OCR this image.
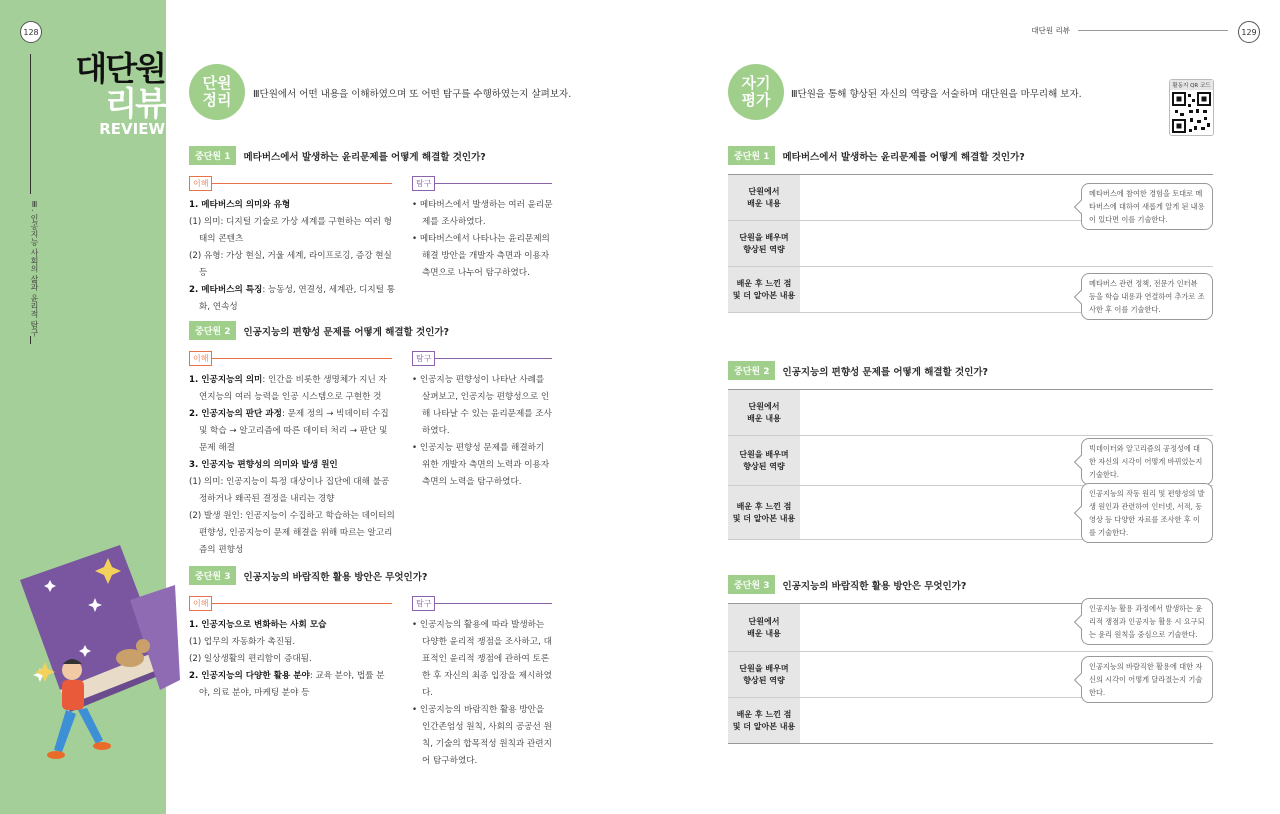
128
Ⅲ. 인공지능 사회의 삶과 윤리적 탐구
대단원
리뷰
REVIEW
대단원 리뷰	129
단원
정리	Ⅲ단원에서 어떤 내용을 이해하였으며 또 어떤 탐구를 수행하였는지 살펴보자.
중단원 1	메타버스에서 발생하는 윤리문제를 어떻게 해결할 것인가?
이해	탐구
1. 메타버스의 의미와 유형
(1) 의미: 디지털 기술로 가상 세계를 구현하는 여러 형태의 콘텐츠
(2) 유형: 가상 현실, 거울 세계, 라이프로깅, 증강 현실 등
2. 메타버스의 특징: 능동성, 연결성, 세계관, 디지털 통화, 연속성
• 메타버스에서 발생하는 여러 윤리문제를 조사하였다.
• 메타버스에서 나타나는 윤리문제의 해결 방안을 개발자 측면과 이용자 측면으로 나누어 탐구하였다.
중단원 2	인공지능의 편향성 문제를 어떻게 해결할 것인가?
이해	탐구
1. 인공지능의 의미: 인간을 비롯한 생명체가 지닌 자연지능의 여러 능력을 인공 시스템으로 구현한 것
2. 인공지능의 판단 과정: 문제 정의 → 빅데이터 수집 및 학습 → 알고리즘에 따른 데이터 처리 → 판단 및 문제 해결
3. 인공지능 편향성의 의미와 발생 원인
(1) 의미: 인공지능이 특정 대상이나 집단에 대해 불공정하거나 왜곡된 결정을 내리는 경향
(2) 발생 원인: 인공지능이 수집하고 학습하는 데이터의 편향성, 인공지능이 문제 해결을 위해 따르는 알고리즘의 편향성
• 인공지능 편향성이 나타난 사례를 살펴보고, 인공지능 편향성으로 인해 나타날 수 있는 윤리문제를 조사하였다.
• 인공지능 편향성 문제를 해결하기 위한 개발자 측면의 노력과 이용자 측면의 노력을 탐구하였다.
중단원 3	인공지능의 바람직한 활용 방안은 무엇인가?
이해	탐구
1. 인공지능으로 변화하는 사회 모습
(1) 업무의 자동화가 촉진됨.
(2) 일상생활의 편리함이 증대됨.
2. 인공지능의 다양한 활용 분야: 교육 분야, 법률 분야, 의료 분야, 마케팅 분야 등
• 인공지능의 활용에 따라 발생하는 다양한 윤리적 쟁점을 조사하고, 대표적인 윤리적 쟁점에 관하여 토론한 후 자신의 최종 입장을 제시하였다.
• 인공지능의 바람직한 활용 방안을 인간존엄성 원칙, 사회의 공공선 원칙, 기술의 합목적성 원칙과 관련지어 탐구하였다.
자기
평가	Ⅲ단원을 통해 향상된 자신의 역량을 서술하며 대단원을 마무리해 보자.
활동지 QR 코드
중단원 1	메타버스에서 발생하는 윤리문제를 어떻게 해결할 것인가?
단원에서
배운 내용
메타버스에 참여한 경험을 토대로 메타버스에 대하여 새롭게 알게 된 내용이 있다면 이를 기술한다.
단원을 배우며
향상된 역량
배운 후 느낀 점
및 더 알아본 내용
메타버스 관련 정책, 전문가 인터뷰 등을 학습 내용과 연결하여 추가로 조사한 후 이를 기술한다.
중단원 2	인공지능의 편향성 문제를 어떻게 해결할 것인가?
단원에서
배운 내용
단원을 배우며
향상된 역량
빅데이터와 알고리즘의 공정성에 대한 자신의 시각이 어떻게 바뀌었는지 기술한다.
배운 후 느낀 점
및 더 알아본 내용
인공지능의 작동 원리 및 편향성의 발생 원인과 관련하여 인터넷, 서적, 동영상 등 다양한 자료를 조사한 후 이를 기술한다.
중단원 3	인공지능의 바람직한 활용 방안은 무엇인가?
단원에서
배운 내용
인공지능 활용 과정에서 발생하는 윤리적 쟁점과 인공지능 활용 시 요구되는 윤리 원칙을 중심으로 기술한다.
단원을 배우며
향상된 역량
인공지능의 바람직한 활용에 대한 자신의 시각이 어떻게 달라졌는지 기술한다.
배운 후 느낀 점
및 더 알아본 내용
